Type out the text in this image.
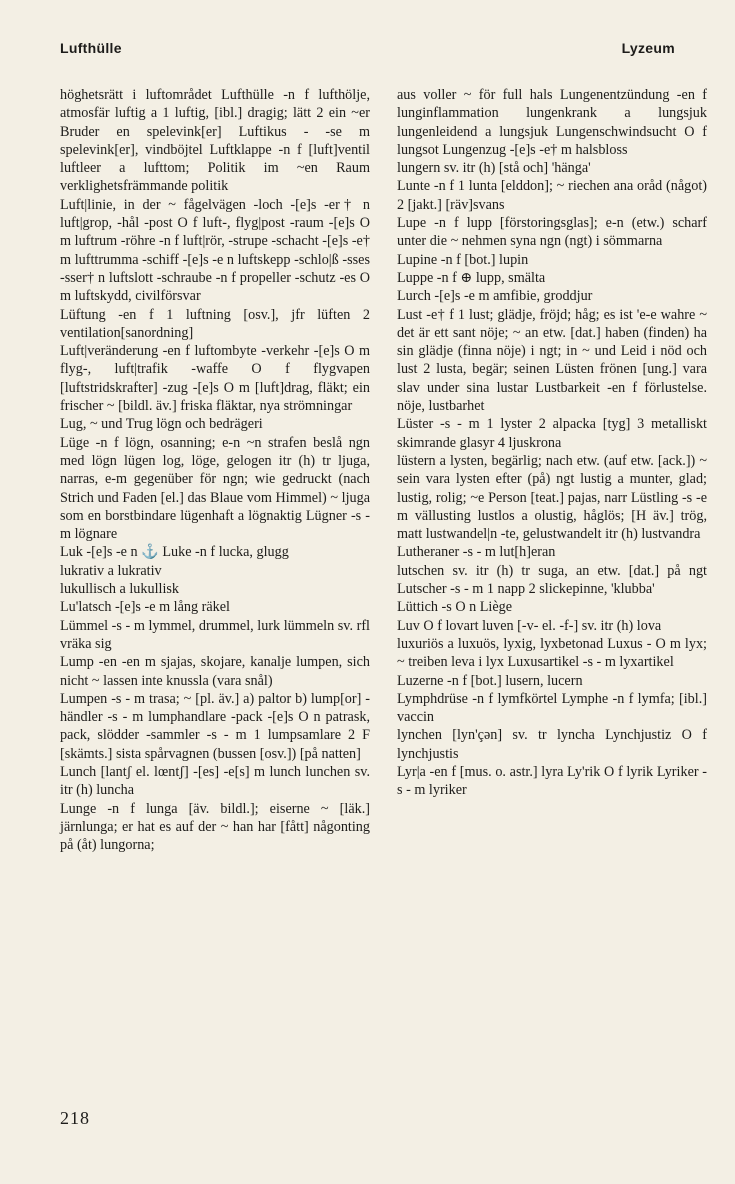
Lufthülle	Lyzeum

höghetsrätt i luftområdet Lufthülle -n f lufthölje, atmosfär luftig a 1 luftig, [ibl.] dragig; lätt 2 ein ~er Bruder en spelevink[er] Luftikus - -se m spelevink[er], vindböjtel Luftklappe -n f [luft]ventil luftleer a lufttom; Politik im ~en Raum verklighetsfrämmande politik

Luft|linie, in der ~ fågelvägen -loch -[e]s -er† n luft|grop, -hål -post O f luft-, flyg|post -raum -[e]s O m luftrum -röhre -n f luft|rör, -strupe -schacht -[e]s -e† m lufttrumma -schiff -[e]s -e n luftskepp -schlo|ß -sses -sser† n luftslott -schraube -n f propeller -schutz -es O m luftskydd, civilförsvar

Lüftung -en f 1 luftning [osv.], jfr lüften 2 ventilation[sanordning]

Luft|veränderung -en f luftombyte -verkehr -[e]s O m flyg-, luft|trafik -waffe O f flygvapen [luftstridskrafter] -zug -[e]s O m [luft]drag, fläkt; ein frischer ~ [bildl. äv.] friska fläktar, nya strömningar

Lug, ~ und Trug lögn och bedrägeri

Lüge -n f lögn, osanning; e-n ~n strafen beslå ngn med lögn lügen log, löge, gelogen itr (h) tr ljuga, narras, e-m gegenüber för ngn; wie gedruckt (nach Strich und Faden [el.] das Blaue vom Himmel) ~ ljuga som en borstbindare lügenhaft a lögnaktig Lügner -s - m lögnare

Luk -[e]s -e n ⚓ Luke -n f lucka, glugg

lukrativ a lukrativ

lukullisch a lukullisk

Lu'latsch -[e]s -e m lång räkel

Lümmel -s - m lymmel, drummel, lurk lümmeln sv. rfl vräka sig

Lump -en -en m sjajas, skojare, kanalje lumpen, sich nicht ~ lassen inte knussla (vara snål)

Lumpen -s - m trasa; ~ [pl. äv.] a) paltor b) lump[or] -händler -s - m lumphandlare -pack -[e]s O n patrask, pack, slödder -sammler -s - m 1 lumpsamlare 2 F [skämts.] sista spårvagnen (bussen [osv.]) [på natten]

Lunch [lantʃ el. lœntʃ] -[es] -e[s] m lunch lunchen sv. itr (h) luncha

Lunge -n f lunga [äv. bildl.]; eiserne ~ [läk.] järnlunga; er hat es auf der ~ han har [fått] någonting på (åt) lungorna;

aus voller ~ för full hals Lungenentzündung -en f lunginflammation lungenkrank a lungsjuk lungenleidend a lungsjuk Lungenschwindsucht O f lungsot Lungenzug -[e]s -e† m halsbloss

lungern sv. itr (h) [stå och] 'hänga'

Lunte -n f 1 lunta [elddon]; ~ riechen ana oråd (något) 2 [jakt.] [räv]svans

Lupe -n f lupp [förstoringsglas]; e-n (etw.) scharf unter die ~ nehmen syna ngn (ngt) i sömmarna

Lupine -n f [bot.] lupin

Luppe -n f ⊕ lupp, smälta

Lurch -[e]s -e m amfibie, groddjur

Lust -e† f 1 lust; glädje, fröjd; håg; es ist 'e-e wahre ~ det är ett sant nöje; ~ an etw. [dat.] haben (finden) ha sin glädje (finna nöje) i ngt; in ~ und Leid i nöd och lust 2 lusta, begär; seinen Lüsten frönen [ung.] vara slav under sina lustar Lustbarkeit -en f förlustelse. nöje, lustbarhet

Lüster -s - m 1 lyster 2 alpacka [tyg] 3 metalliskt skimrande glasyr 4 ljuskrona

lüstern a lysten, begärlig; nach etw. (auf etw. [ack.]) ~ sein vara lysten efter (på) ngt lustig a munter, glad; lustig, rolig; ~e Person [teat.] pajas, narr Lüstling -s -e m vällusting lustlos a olustig, håglös; [H äv.] trög, matt lustwandel|n -te, gelustwandelt itr (h) lustvandra

Lutheraner -s - m lut[h]eran

lutschen sv. itr (h) tr suga, an etw. [dat.] på ngt Lutscher -s - m 1 napp 2 slickepinne, 'klubba'

Lüttich -s O n Liège

Luv O f lovart luven [-v- el. -f-] sv. itr (h) lova

luxuriös a luxuös, lyxig, lyxbetonad Luxus - O m lyx; ~ treiben leva i lyx Luxusartikel -s - m lyxartikel

Luzerne -n f [bot.] lusern, lucern

Lymphdrüse -n f lymfkörtel Lymphe -n f lymfa; [ibl.] vaccin

lynchen [lyn'çən] sv. tr lyncha Lynchjustiz O f lynchjustis

Lyr|a -en f [mus. o. astr.] lyra Ly'rik O f lyrik Lyriker -s - m lyriker

218
